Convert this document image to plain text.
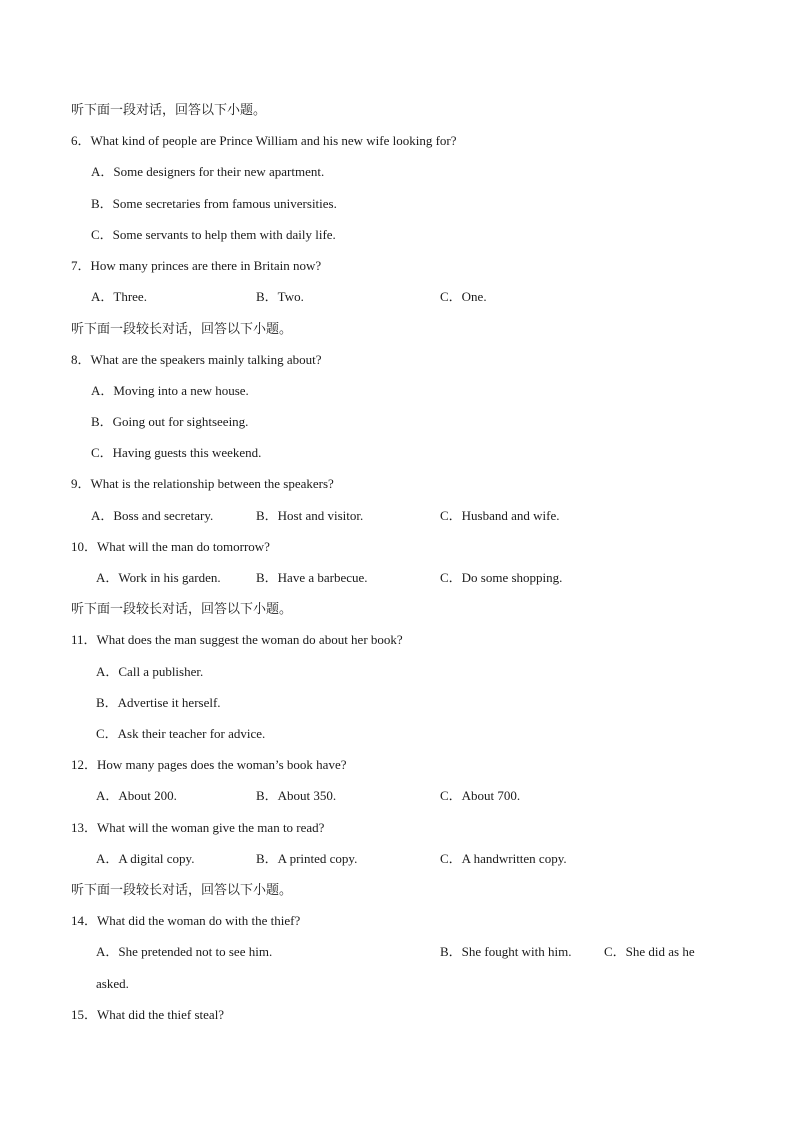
听下面一段对话，回答以下小题。
6．What kind of people are Prince William and his new wife looking for?
A．Some designers for their new apartment.
B．Some secretaries from famous universities.
C．Some servants to help them with daily life.
7．How many princes are there in Britain now?
A．Three.	B．Two.	C．One.
听下面一段较长对话，回答以下小题。
8．What are the speakers mainly talking about?
A．Moving into a new house.
B．Going out for sightseeing.
C．Having guests this weekend.
9．What is the relationship between the speakers?
A．Boss and secretary.	B．Host and visitor.	C．Husband and wife.
10．What will the man do tomorrow?
A．Work in his garden.	B．Have a barbecue.	C．Do some shopping.
听下面一段较长对话，回答以下小题。
11．What does the man suggest the woman do about her book?
A．Call a publisher.
B．Advertise it herself.
C．Ask their teacher for advice.
12．How many pages does the woman’s book have?
A．About 200.	B．About 350.	C．About 700.
13．What will the woman give the man to read?
A．A digital copy.	B．A printed copy.	C．A handwritten copy.
听下面一段较长对话，回答以下小题。
14．What did the woman do with the thief?
A．She pretended not to see him.	B．She fought with him.	C．She did as he
asked.
15．What did the thief steal?
